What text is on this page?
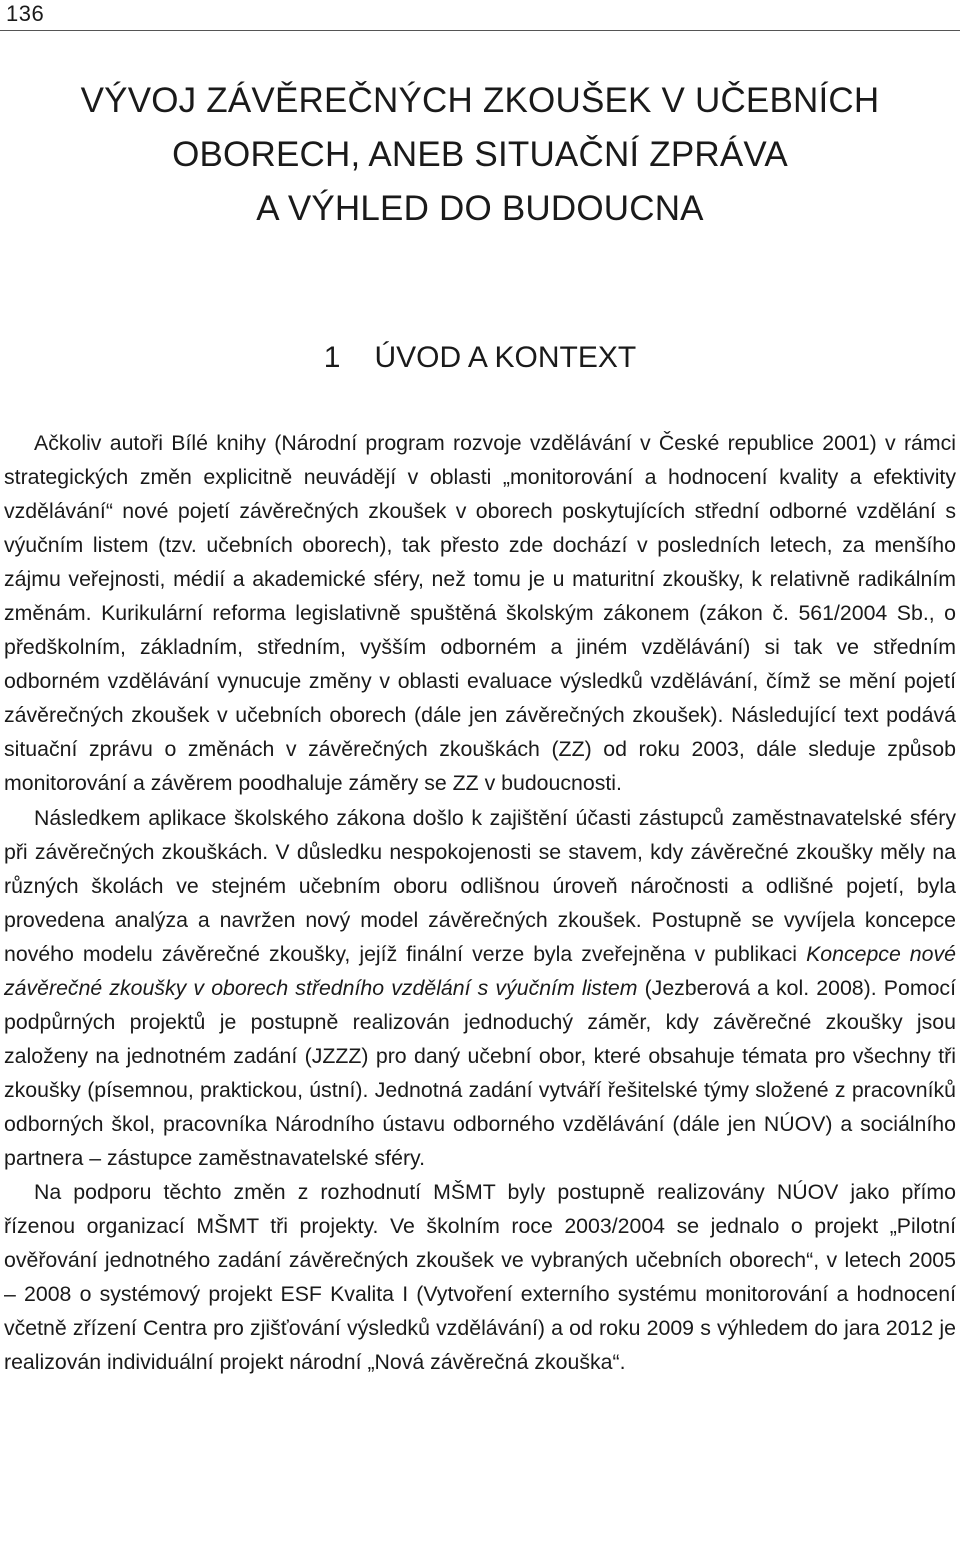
136
VÝVOJ ZÁVĚREČNÝCH ZKOUŠEK V UČEBNÍCH
OBORECH, ANEB SITUAČNÍ ZPRÁVA
A VÝHLED DO BUDOUCNA
1 ÚVOD A KONTEXT

Ačkoliv autoři Bílé knihy (Národní program rozvoje vzdělávání v České republice 2001) v rámci strategických změn explicitně neuvádějí v oblasti „monitorování a hodnocení kvality a efektivity vzdělávání“ nové pojetí závěrečných zkoušek v oborech poskytujících střední odborné vzdělání s výučním listem (tzv. učebních oborech), tak přesto zde dochází v posledních letech, za menšího zájmu veřejnosti, médií a akademické sféry, než tomu je u maturitní zkoušky, k relativně radikálním změnám. Kurikulární reforma legislativně spuštěná školským zákonem (zákon č. 561/2004 Sb., o předškolním, základním, středním, vyšším odborném a jiném vzdělávání) si tak ve středním odborném vzdělávání vynucuje změny v oblasti evaluace výsledků vzdělávání, čímž se mění pojetí závěrečných zkoušek v učebních oborech (dále jen závěrečných zkoušek). Následující text podává situační zprávu o změnách v závěrečných zkouškách (ZZ) od roku 2003, dále sleduje způsob monitorování a závěrem poodhaluje záměry se ZZ v budoucnosti.

Následkem aplikace školského zákona došlo k zajištění účasti zástupců zaměstnavatelské sféry při závěrečných zkouškách. V důsledku nespokojenosti se stavem, kdy závěrečné zkoušky měly na různých školách ve stejném učebním oboru odlišnou úroveň náročnosti a odlišné pojetí, byla provedena analýza a navržen nový model závěrečných zkoušek. Postupně se vyvíjela koncepce nového modelu závěrečné zkoušky, jejíž finální verze byla zveřejněna v publikaci Koncepce nové závěrečné zkoušky v oborech středního vzdělání s výučním listem (Jezberová a kol. 2008). Pomocí podpůrných projektů je postupně realizován jednoduchý záměr, kdy závěrečné zkoušky jsou založeny na jednotném zadání (JZZZ) pro daný učební obor, které obsahuje témata pro všechny tři zkoušky (písemnou, praktickou, ústní). Jednotná zadání vytváří řešitelské týmy složené z pracovníků odborných škol, pracovníka Národního ústavu odborného vzdělávání (dále jen NÚOV) a sociálního partnera – zástupce zaměstnavatelské sféry.

Na podporu těchto změn z rozhodnutí MŠMT byly postupně realizovány NÚOV jako přímo řízenou organizací MŠMT tři projekty. Ve školním roce 2003/2004 se jednalo o projekt „Pilotní ověřování jednotného zadání závěrečných zkoušek ve vybraných učebních oborech“, v letech 2005 – 2008 o systémový projekt ESF Kvalita I (Vytvoření externího systému monitorování a hodnocení včetně zřízení Centra pro zjišťování výsledků vzdělávání) a od roku 2009 s výhledem do jara 2012 je realizován individuální projekt národní „Nová závěrečná zkouška“.
